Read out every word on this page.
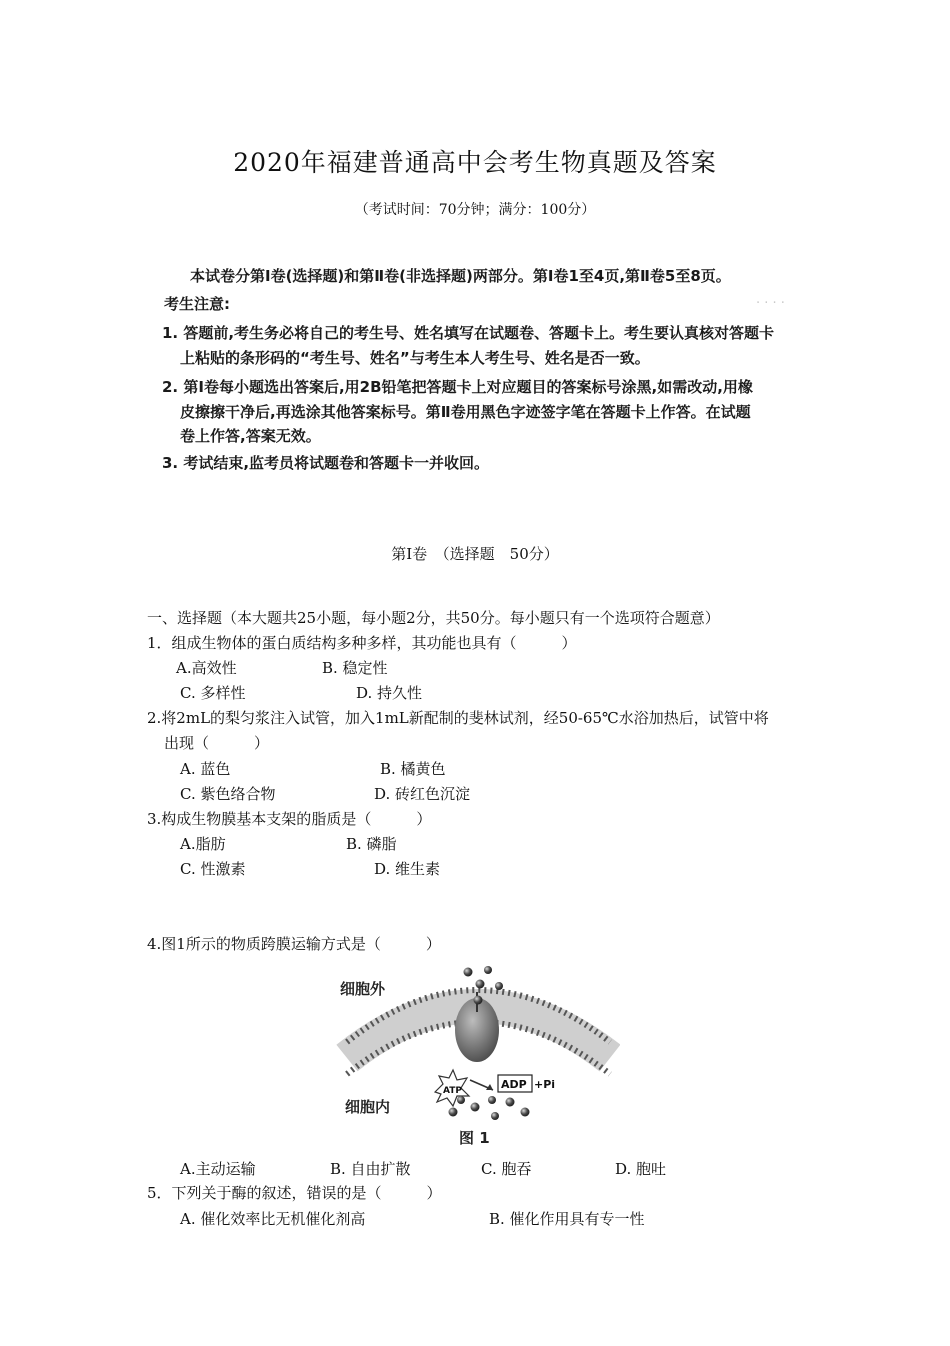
2020年福建普通高中会考生物真题及答案
（考试时间：70分钟；满分：100分）
. . . .
本试卷分第Ⅰ卷(选择题)和第Ⅱ卷(非选择题)两部分。第Ⅰ卷1至4页,第Ⅱ卷5至8页。
考生注意:
1. 答题前,考生务必将自己的考生号、姓名填写在试题卷、答题卡上。考生要认真核对答题卡
上粘贴的条形码的“考生号、姓名”与考生本人考生号、姓名是否一致。
2. 第Ⅰ卷每小题选出答案后,用2B铅笔把答题卡上对应题目的答案标号涂黑,如需改动,用橡
皮擦擦干净后,再选涂其他答案标号。第Ⅱ卷用黑色字迹签字笔在答题卡上作答。在试题
卷上作答,答案无效。
3. 考试结束,监考员将试题卷和答题卡一并收回。
第Ⅰ卷　（选择题　50分）
一、选择题（本大题共25小题，每小题2分，共50分。每小题只有一个选项符合题意）
1．组成生物体的蛋白质结构多种多样，其功能也具有（　　　）
A.高效性	B. 稳定性
C. 多样性	D. 持久性
2.将2mL的梨匀浆注入试管，加入1mL新配制的斐林试剂，经50-65℃水浴加热后，试管中将
出现（　　　）
A. 蓝色	B. 橘黄色
C. 紫色络合物	D. 砖红色沉淀
3.构成生物膜基本支架的脂质是（　　　）
A.脂肪	B. 磷脂
C. 性激素	D. 维生素
4.图1所示的物质跨膜运输方式是（　　　）
细胞外
细胞内
ATP	ADP +Pi
图 1
A.主动运输	B. 自由扩散	C. 胞吞	D. 胞吐
5．下列关于酶的叙述，错误的是（　　　）
A. 催化效率比无机催化剂高	B. 催化作用具有专一性
